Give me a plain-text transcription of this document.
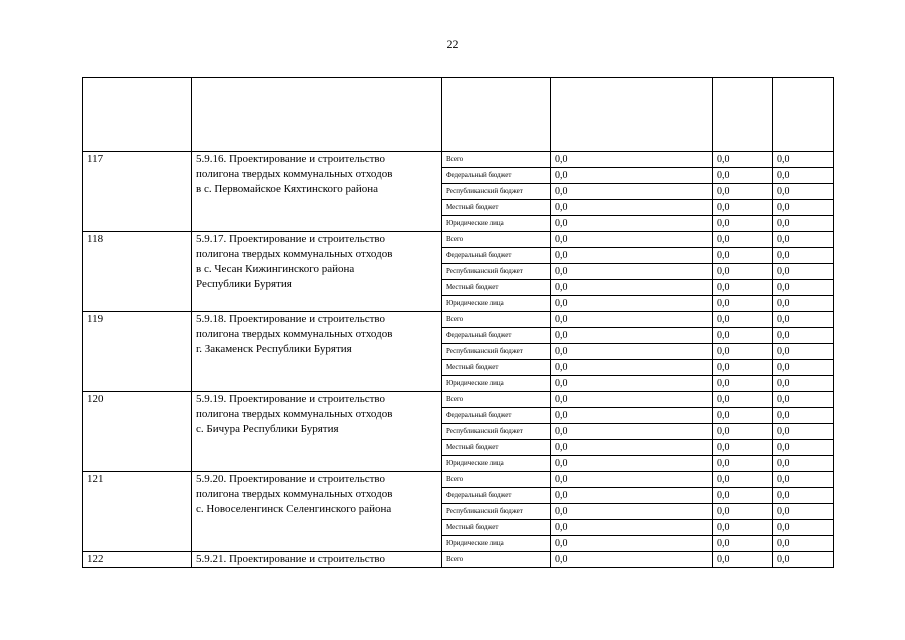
22

117	5.9.16. Проектирование и строительство
полигона твердых коммунальных отходов
в с. Первомайское Кяхтинского района	Всего	0,0	0,0	0,0
		Федеральный бюджет	0,0	0,0	0,0
		Республиканский бюджет	0,0	0,0	0,0
		Местный бюджет	0,0	0,0	0,0
		Юридические лица	0,0	0,0	0,0
118	5.9.17. Проектирование и строительство
полигона твердых коммунальных отходов
в с. Чесан Кижингинского района
Республики Бурятия	Всего	0,0	0,0	0,0
		Федеральный бюджет	0,0	0,0	0,0
		Республиканский бюджет	0,0	0,0	0,0
		Местный бюджет	0,0	0,0	0,0
		Юридические лица	0,0	0,0	0,0
119	5.9.18. Проектирование и строительство
полигона твердых коммунальных отходов
г. Закаменск Республики Бурятия	Всего	0,0	0,0	0,0
		Федеральный бюджет	0,0	0,0	0,0
		Республиканский бюджет	0,0	0,0	0,0
		Местный бюджет	0,0	0,0	0,0
		Юридические лица	0,0	0,0	0,0
120	5.9.19. Проектирование и строительство
полигона твердых коммунальных отходов
с. Бичура Республики Бурятия	Всего	0,0	0,0	0,0
		Федеральный бюджет	0,0	0,0	0,0
		Республиканский бюджет	0,0	0,0	0,0
		Местный бюджет	0,0	0,0	0,0
		Юридические лица	0,0	0,0	0,0
121	5.9.20. Проектирование и строительство
полигона твердых коммунальных отходов
с. Новоселенгинск Селенгинского района	Всего	0,0	0,0	0,0
		Федеральный бюджет	0,0	0,0	0,0
		Республиканский бюджет	0,0	0,0	0,0
		Местный бюджет	0,0	0,0	0,0
		Юридические лица	0,0	0,0	0,0
122	5.9.21. Проектирование и строительство	Всего	0,0	0,0	0,0
